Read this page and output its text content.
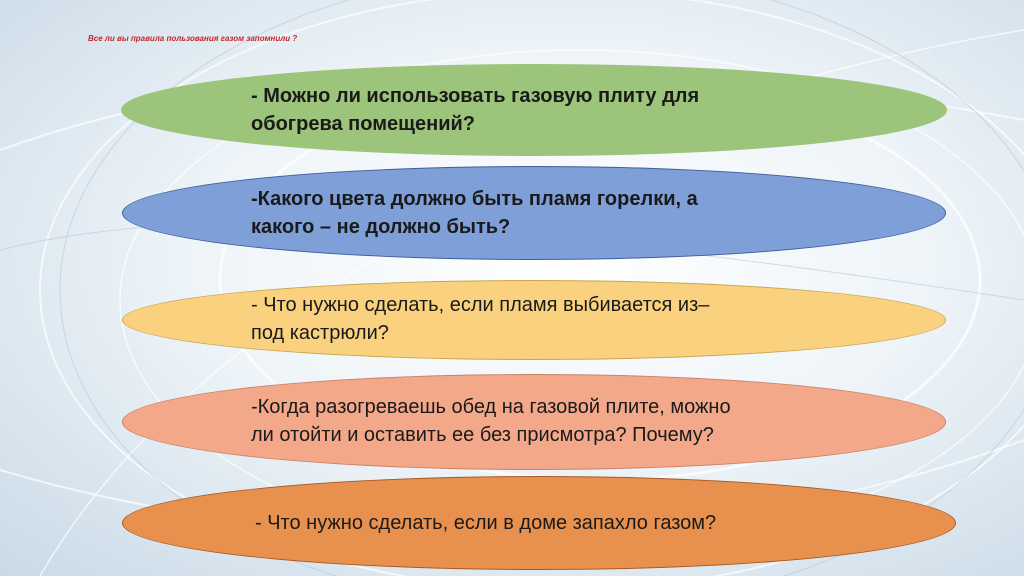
Все ли вы правила пользования газом запомнили ?
- Можно ли использовать газовую плиту для
обогрева помещений?
-Какого цвета должно быть пламя горелки, а
какого – не должно быть?
- Что нужно сделать, если пламя выбивается из–
под кастрюли?
-Когда разогреваешь обед на газовой плите, можно
ли отойти и оставить ее без присмотра? Почему?
- Что нужно сделать, если в доме запахло газом?
